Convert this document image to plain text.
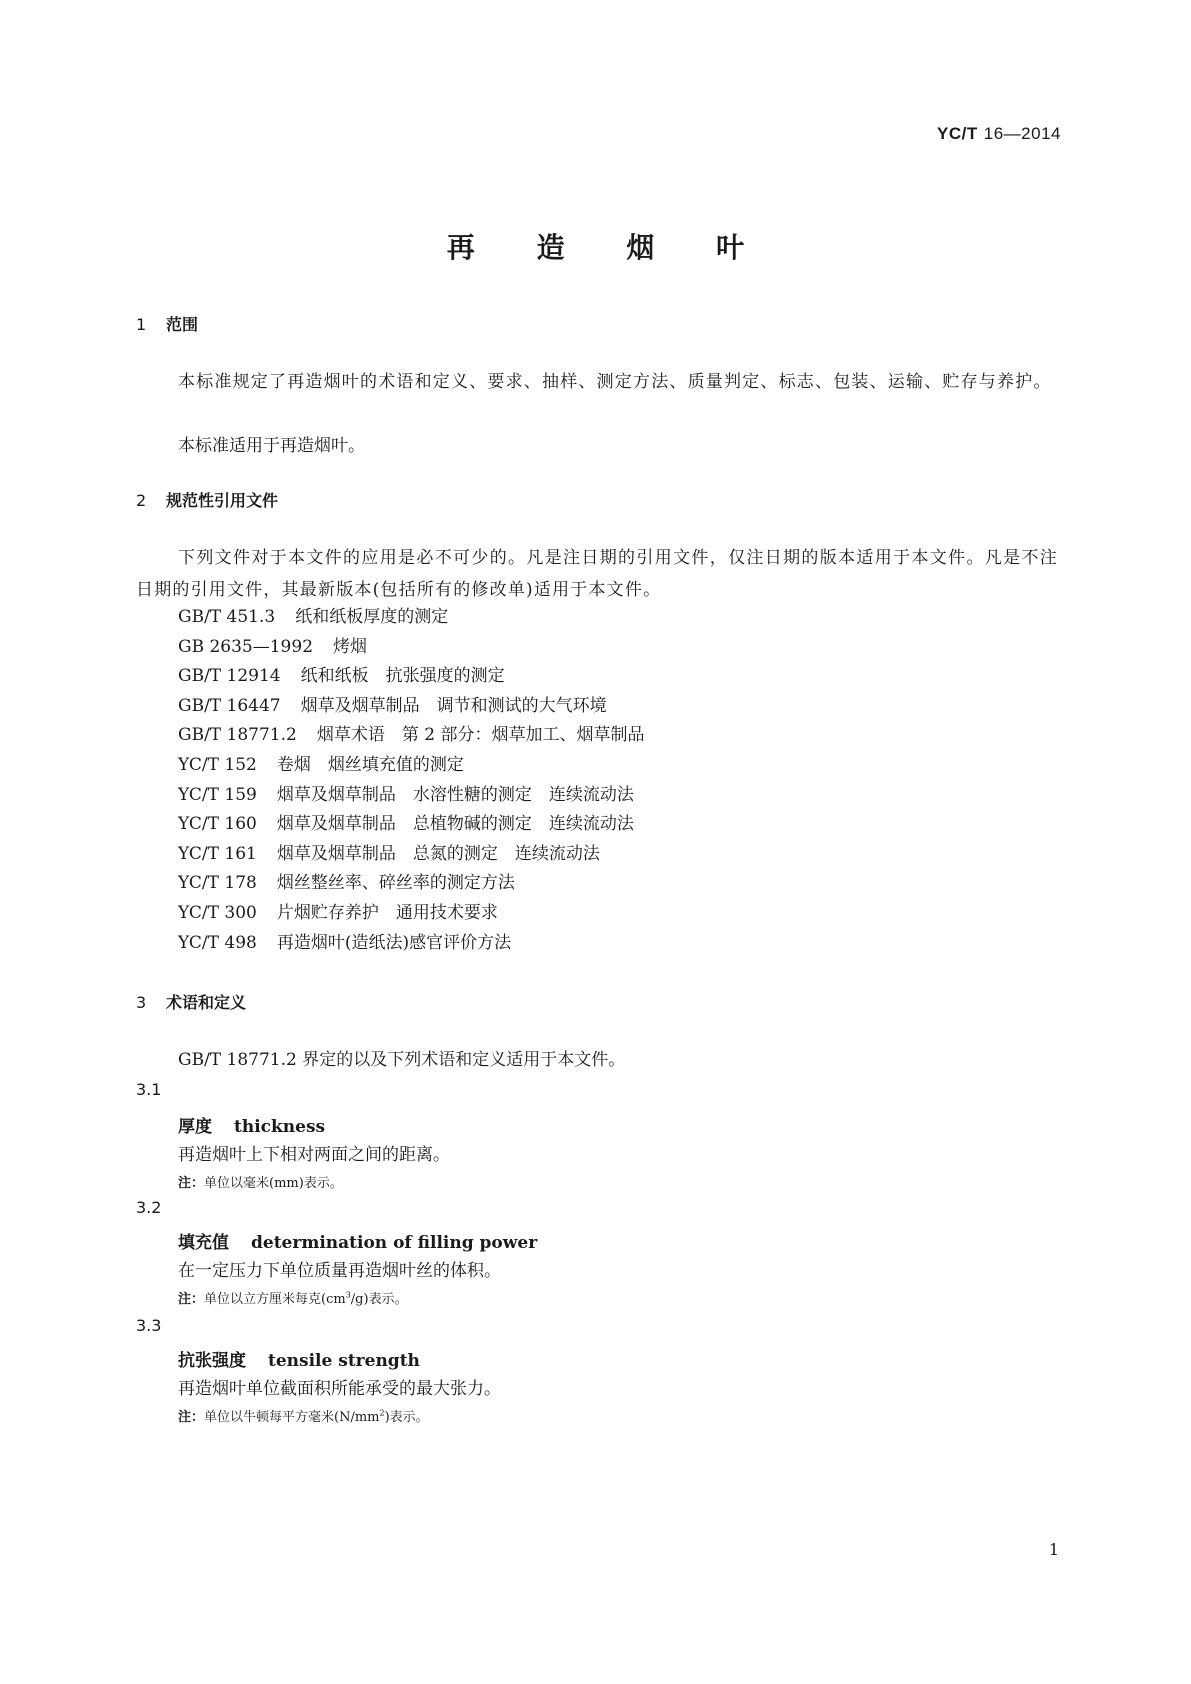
YC/T 16—2014
再 造 烟 叶
1 范围
本标准规定了再造烟叶的术语和定义、要求、抽样、测定方法、质量判定、标志、包装、运输、贮存与养护。
本标准适用于再造烟叶。
2 规范性引用文件
下列文件对于本文件的应用是必不可少的。凡是注日期的引用文件，仅注日期的版本适用于本文件。凡是不注日期的引用文件，其最新版本(包括所有的修改单)适用于本文件。
GB/T 451.3 纸和纸板厚度的测定
GB 2635—1992 烤烟
GB/T 12914 纸和纸板　抗张强度的测定
GB/T 16447 烟草及烟草制品　调节和测试的大气环境
GB/T 18771.2 烟草术语　第 2 部分：烟草加工、烟草制品
YC/T 152 卷烟　烟丝填充值的测定
YC/T 159 烟草及烟草制品　水溶性糖的测定　连续流动法
YC/T 160 烟草及烟草制品　总植物碱的测定　连续流动法
YC/T 161 烟草及烟草制品　总氮的测定　连续流动法
YC/T 178 烟丝整丝率、碎丝率的测定方法
YC/T 300 片烟贮存养护　通用技术要求
YC/T 498 再造烟叶(造纸法)感官评价方法
3 术语和定义
GB/T 18771.2 界定的以及下列术语和定义适用于本文件。
3.1
厚度 thickness
再造烟叶上下相对两面之间的距离。
注：单位以毫米(mm)表示。
3.2
填充值 determination of filling power
在一定压力下单位质量再造烟叶丝的体积。
注：单位以立方厘米每克$(cm^3/g)$表示。
3.3
抗张强度 tensile strength
再造烟叶单位截面积所能承受的最大张力。
注：单位以牛顿每平方毫米$(N/mm^2)$表示。
1
